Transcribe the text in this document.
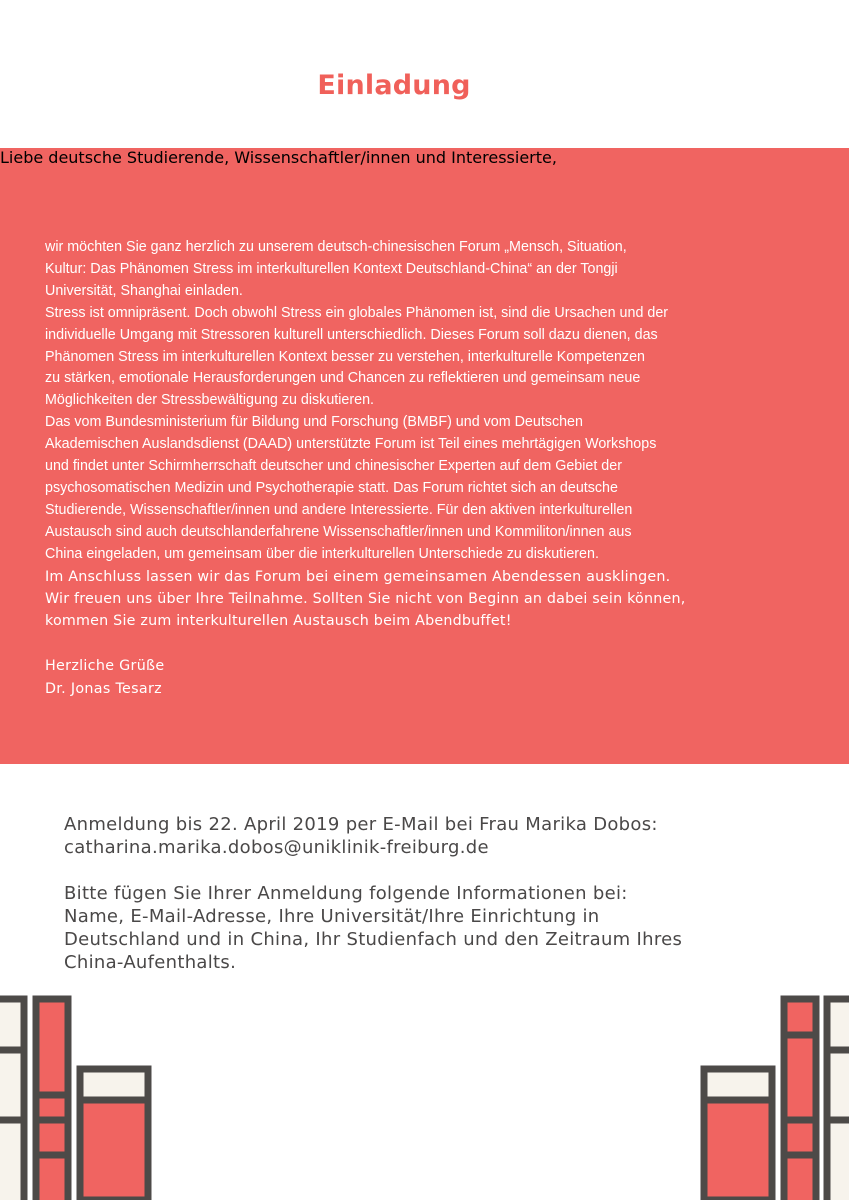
Einladung
Liebe deutsche Studierende, Wissenschaftler/innen und Interessierte,

wir möchten Sie ganz herzlich zu unserem deutsch-chinesischen Forum „Mensch, Situation,

Kultur: Das Phänomen Stress im interkulturellen Kontext Deutschland-China“ an der Tongji

Universität, Shanghai einladen.

Stress ist omnipräsent. Doch obwohl Stress ein globales Phänomen ist, sind die Ursachen und der

individuelle Umgang mit Stressoren kulturell unterschiedlich. Dieses Forum soll dazu dienen, das

Phänomen Stress im interkulturellen Kontext besser zu verstehen, interkulturelle Kompetenzen

zu stärken, emotionale Herausforderungen und Chancen zu reflektieren und gemeinsam neue

Möglichkeiten der Stressbewältigung zu diskutieren.

Das vom Bundesministerium für Bildung und Forschung (BMBF) und vom Deutschen

Akademischen Auslandsdienst (DAAD) unterstützte Forum ist Teil eines mehrtägigen Workshops

und findet unter Schirmherrschaft deutscher und chinesischer Experten auf dem Gebiet der

psychosomatischen Medizin und Psychotherapie statt. Das Forum richtet sich an deutsche

Studierende, Wissenschaftler/innen und andere Interessierte. Für den aktiven interkulturellen

Austausch sind auch deutschlanderfahrene Wissenschaftler/innen und Kommiliton/innen aus

China eingeladen, um gemeinsam über die interkulturellen Unterschiede zu diskutieren.

Im Anschluss lassen wir das Forum bei einem gemeinsamen Abendessen ausklingen.

Wir freuen uns über Ihre Teilnahme. Sollten Sie nicht von Beginn an dabei sein können,

kommen Sie zum interkulturellen Austausch beim Abendbuffet!

Herzliche Grüße

Dr. Jonas Tesarz

Anmeldung bis 22. April 2019 per E-Mail bei Frau Marika Dobos:

catharina.marika.dobos@uniklinik-freiburg.de

Bitte fügen Sie Ihrer Anmeldung folgende Informationen bei:

Name, E-Mail-Adresse, Ihre Universität/Ihre Einrichtung in

Deutschland und in China, Ihr Studienfach und den Zeitraum Ihres

China-Aufenthalts.
